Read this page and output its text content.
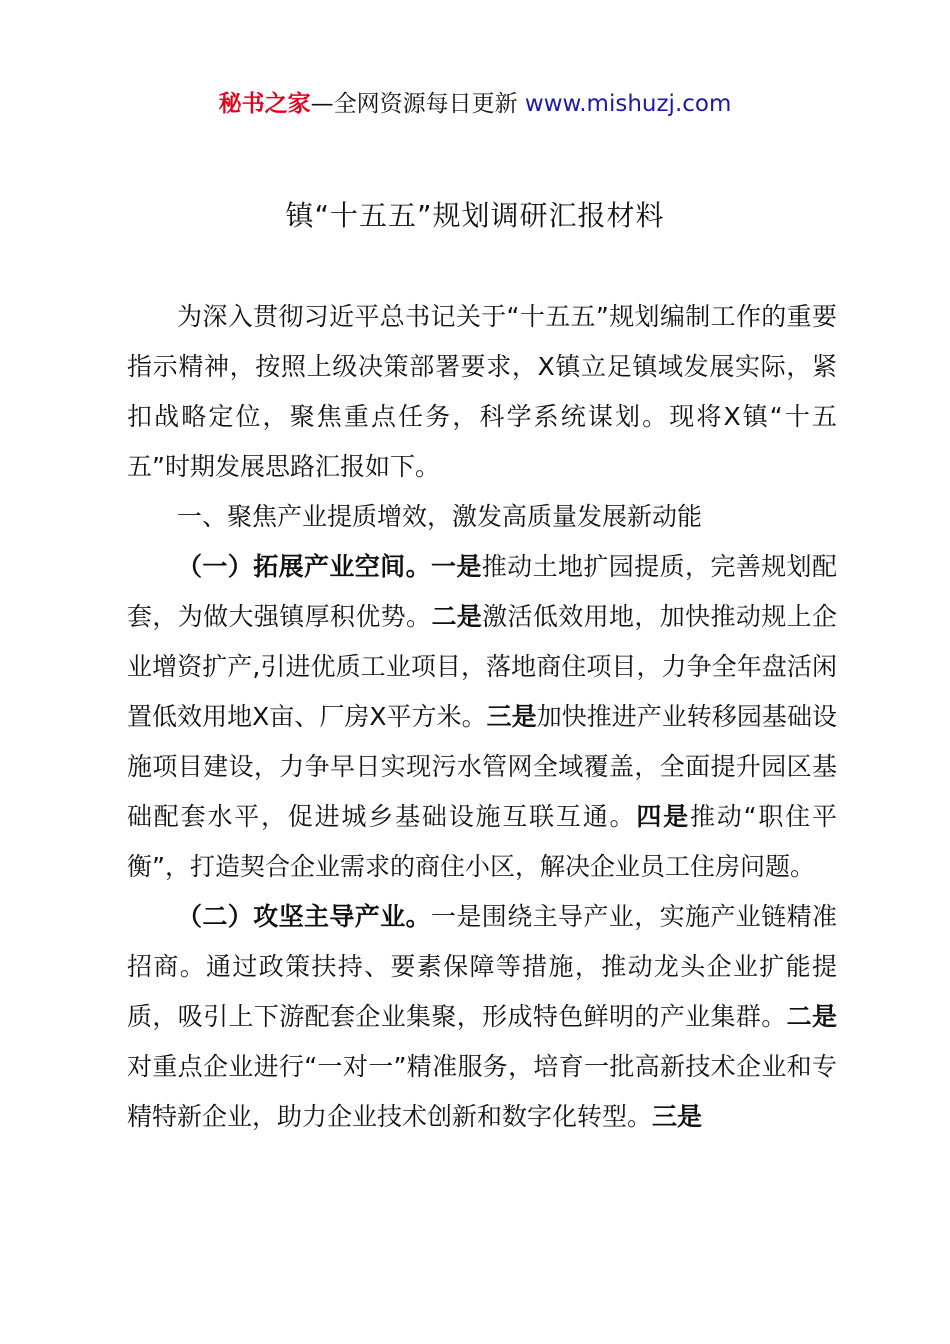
秘书之家—全网资源每日更新 www.mishuzj.com
镇“十五五”规划调研汇报材料

为深入贯彻习近平总书记关于“十五五”规划编制工作的重要指示精神，按照上级决策部署要求，X镇立足镇域发展实际，紧扣战略定位，聚焦重点任务，科学系统谋划。现将X镇“十五五”时期发展思路汇报如下。

一、聚焦产业提质增效，激发高质量发展新动能

（一）拓展产业空间。一是推动土地扩园提质，完善规划配套，为做大强镇厚积优势。二是激活低效用地，加快推动规上企业增资扩产,引进优质工业项目，落地商住项目，力争全年盘活闲置低效用地X亩、厂房X平方米。三是加快推进产业转移园基础设施项目建设，力争早日实现污水管网全域覆盖，全面提升园区基础配套水平，促进城乡基础设施互联互通。四是推动“职住平衡”，打造契合企业需求的商住小区，解决企业员工住房问题。

（二）攻坚主导产业。一是围绕主导产业，实施产业链精准招商。通过政策扶持、要素保障等措施，推动龙头企业扩能提质，吸引上下游配套企业集聚，形成特色鲜明的产业集群。二是对重点企业进行“一对一”精准服务，培育一批高新技术企业和专精特新企业，助力企业技术创新和数字化转型。三是
